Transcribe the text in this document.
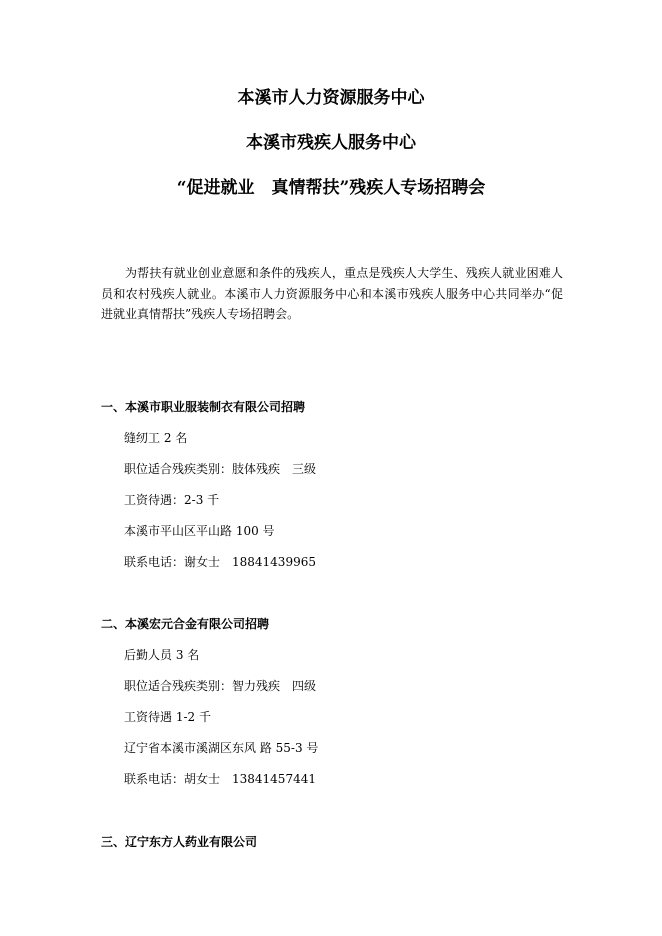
本溪市人力资源服务中心
本溪市残疾人服务中心
“促进就业　真情帮扶”残疾人专场招聘会

为帮扶有就业创业意愿和条件的残疾人，重点是残疾人大学生、残疾人就业困难人员和农村残疾人就业。本溪市人力资源服务中心和本溪市残疾人服务中心共同举办“促进就业真情帮扶”残疾人专场招聘会。

一、本溪市职业服装制衣有限公司招聘
缝纫工 2 名
职位适合残疾类别：肢体残疾　三级
工资待遇：2-3 千
本溪市平山区平山路 100 号
联系电话：谢女士　18841439965
二、本溪宏元合金有限公司招聘
后勤人员 3 名
职位适合残疾类别：智力残疾　四级
工资待遇 1-2 千
辽宁省本溪市溪湖区东风 路 55-3 号
联系电话：胡女士　13841457441
三、辽宁东方人药业有限公司
